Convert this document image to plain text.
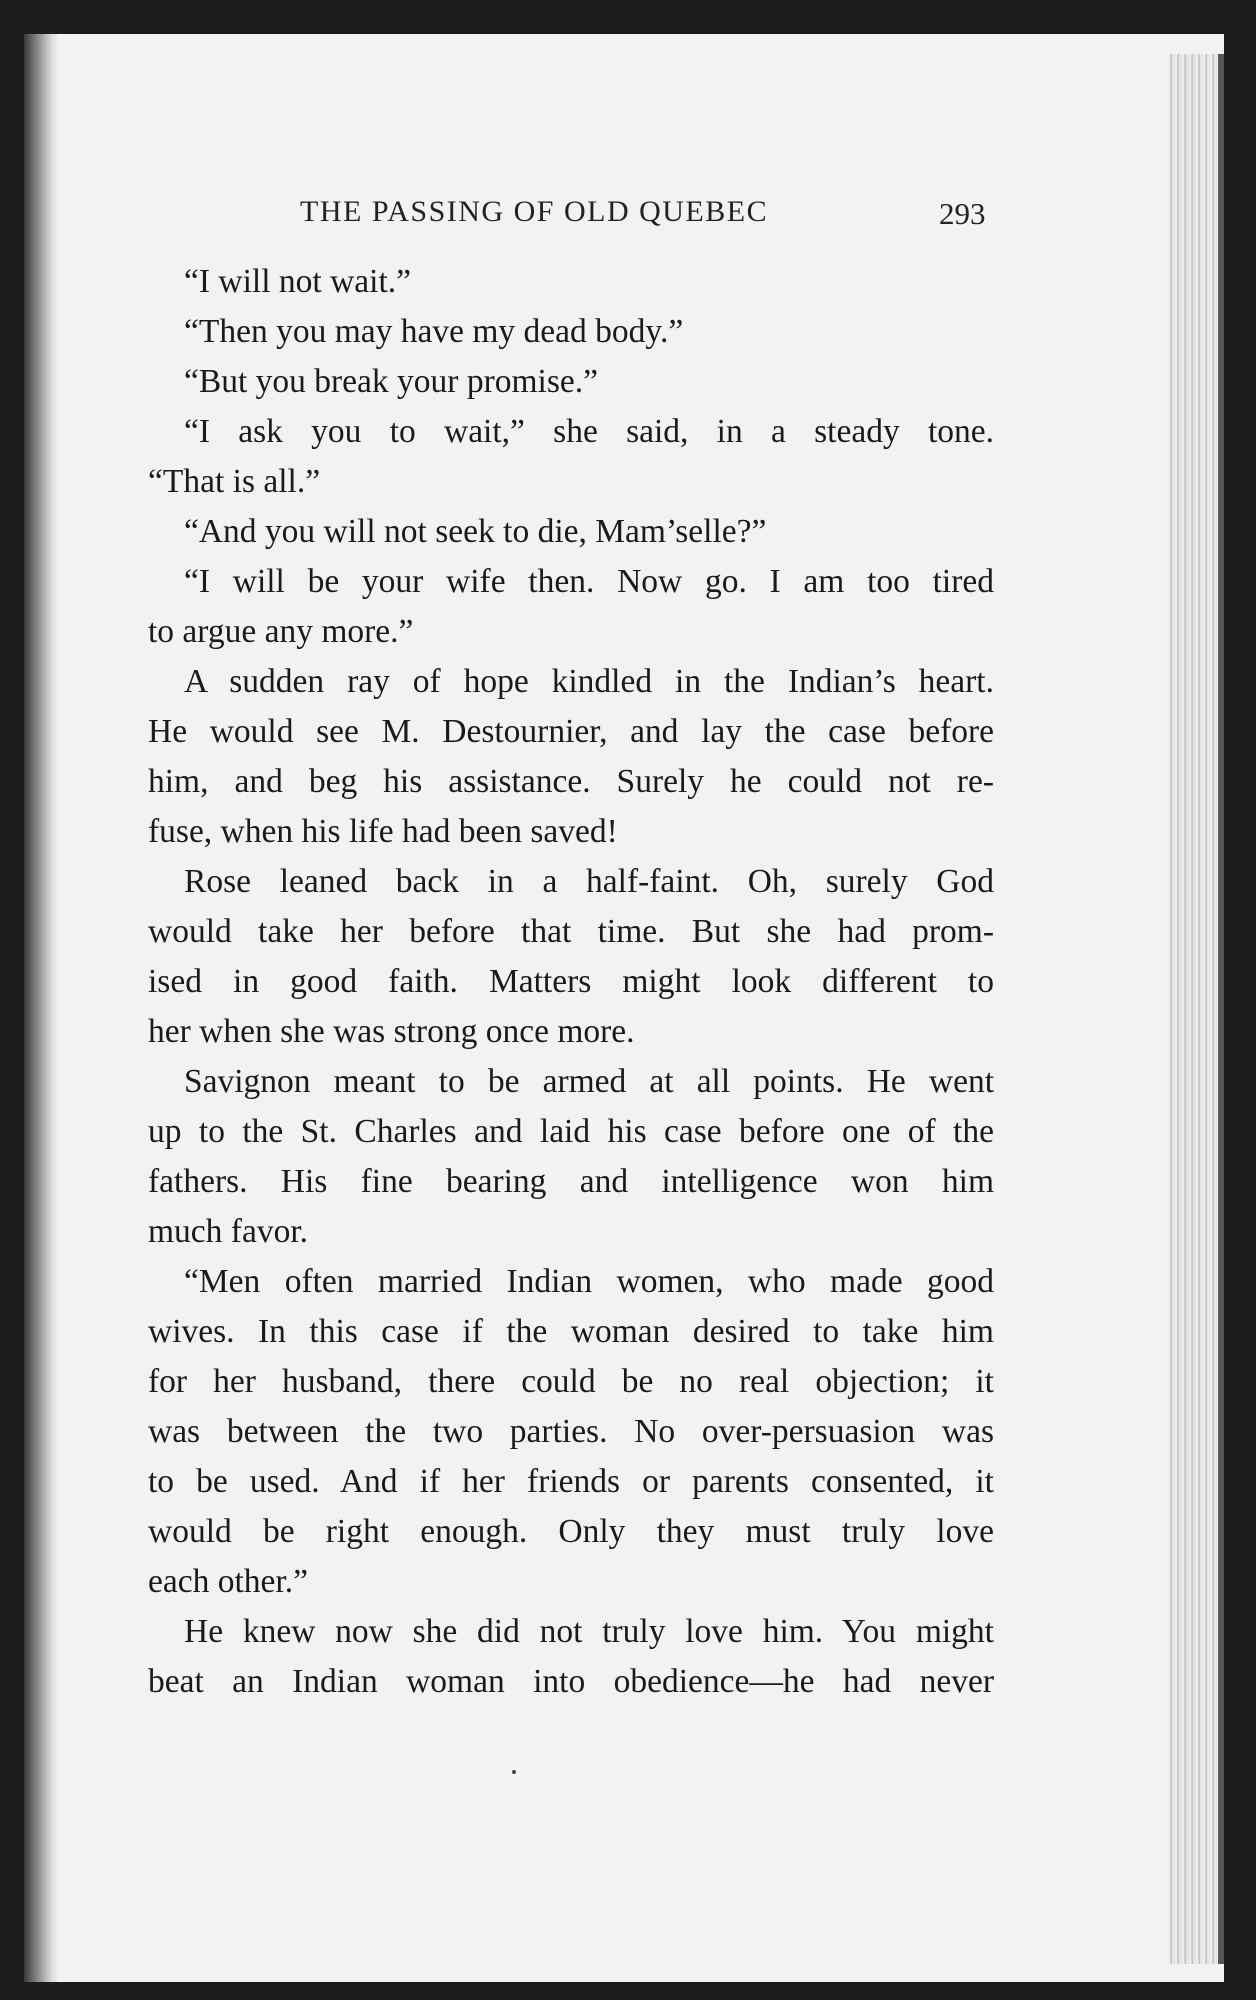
THE PASSING OF OLD QUEBEC	293
“I will not wait.”
“Then you may have my dead body.”
“But you break your promise.”
“I ask you to wait,” she said, in a steady tone.
“That is all.”
“And you will not seek to die, Mam’selle?”
“I will be your wife then. Now go. I am too tired
to argue any more.”
A sudden ray of hope kindled in the Indian’s heart.
He would see M. Destournier, and lay the case before
him, and beg his assistance. Surely he could not re-
fuse, when his life had been saved!
Rose leaned back in a half-faint. Oh, surely God
would take her before that time. But she had prom-
ised in good faith. Matters might look different to
her when she was strong once more.
Savignon meant to be armed at all points. He went
up to the St. Charles and laid his case before one of the
fathers. His fine bearing and intelligence won him
much favor.
“Men often married Indian women, who made good
wives. In this case if the woman desired to take him
for her husband, there could be no real objection; it
was between the two parties. No over-persuasion was
to be used. And if her friends or parents consented, it
would be right enough. Only they must truly love
each other.”
He knew now she did not truly love him. You might
beat an Indian woman into obedience—he had never
